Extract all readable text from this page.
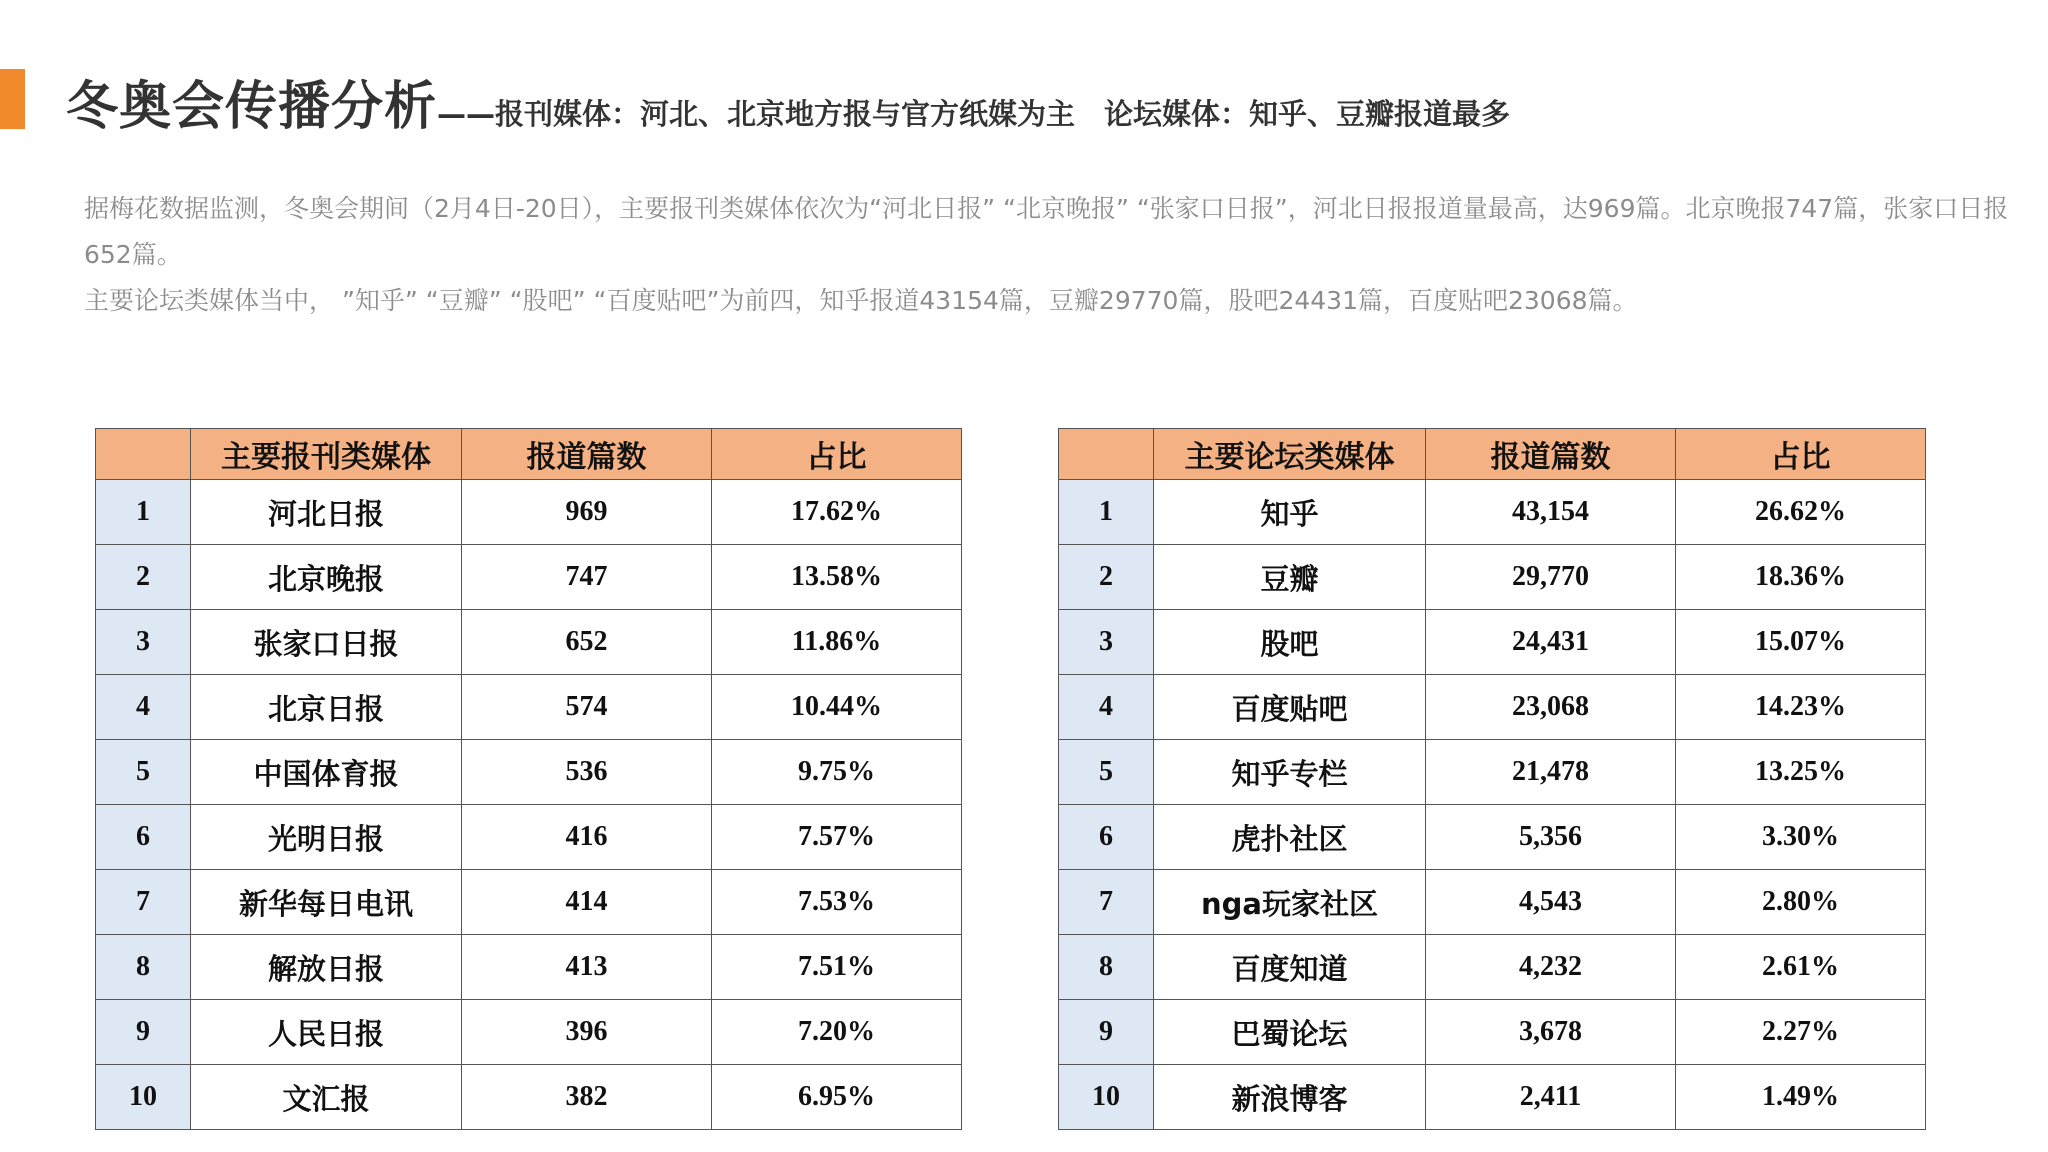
冬奥会传播分析——报刊媒体：河北、北京地方报与官方纸媒为主　论坛媒体：知乎、豆瓣报道最多

据梅花数据监测，冬奥会期间（2月4日-20日），主要报刊类媒体依次为“河北日报” “北京晚报” “张家口日报”，河北日报报道量最高，达969篇。北京晚报747篇，张家口日报652篇。

主要论坛类媒体当中， ”知乎” “豆瓣” “股吧” “百度贴吧”为前四，知乎报道43154篇，豆瓣29770篇，股吧24431篇，百度贴吧23068篇。

	主要报刊类媒体	报道篇数	占比
1	河北日报	969	17.62%
2	北京晚报	747	13.58%
3	张家口日报	652	11.86%
4	北京日报	574	10.44%
5	中国体育报	536	9.75%
6	光明日报	416	7.57%
7	新华每日电讯	414	7.53%
8	解放日报	413	7.51%
9	人民日报	396	7.20%
10	文汇报	382	6.95%
	主要论坛类媒体	报道篇数	占比
1	知乎	43,154	26.62%
2	豆瓣	29,770	18.36%
3	股吧	24,431	15.07%
4	百度贴吧	23,068	14.23%
5	知乎专栏	21,478	13.25%
6	虎扑社区	5,356	3.30%
7	nga玩家社区	4,543	2.80%
8	百度知道	4,232	2.61%
9	巴蜀论坛	3,678	2.27%
10	新浪博客	2,411	1.49%
